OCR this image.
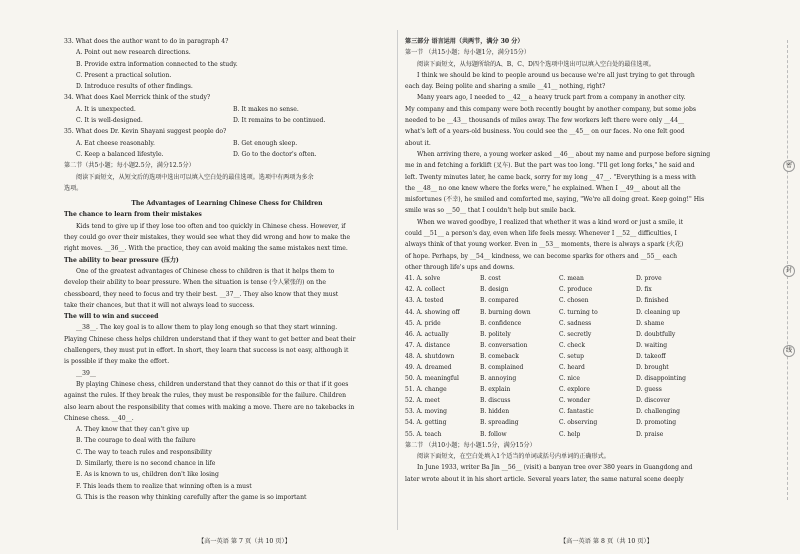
33. What does the author want to do in paragraph 4?
A. Point out new research directions.
B. Provide extra information connected to the study.
C. Present a practical solution.
D. Introduce results of other findings.
34. What does Kael Merrick think of the study?
A. It is unexpected.	B. It makes no sense.
C. It is well-designed.	D. It remains to be continued.
35. What does Dr. Kevin Shayani suggest people do?
A. Eat cheese reasonably.	B. Get enough sleep.
C. Keep a balanced lifestyle.	D. Go to the doctor's often.
第二节（共5小题；每小题2.5分，满分12.5分）
阅读下面短文，从短文后的选项中选出可以填入空白处的最佳选项。选项中有两项为多余
选项。
The Advantages of Learning Chinese Chess for Children
The chance to learn from their mistakes
Kids tend to give up if they lose too often and too quickly in Chinese chess. However, if
they could go over their mistakes, they would see what they did wrong and how to make the
right moves. __36__. With the practice, they can avoid making the same mistakes next time.
The ability to bear pressure (压力)
One of the greatest advantages of Chinese chess to children is that it helps them to
develop their ability to bear pressure. When the situation is tense (令人紧张的) on the
chessboard, they need to focus and try their best. __37__. They also know that they must
take their chances, but that it will not always lead to success.
The will to win and succeed
__38__. The key goal is to allow them to play long enough so that they start winning.
Playing Chinese chess helps children understand that if they want to get better and beat their
challengers, they must put in effort. In short, they learn that success is not easy, although it
is possible if they make the effort.
__39__
By playing Chinese chess, children understand that they cannot do this or that if it goes
against the rules. If they break the rules, they must be responsible for the failure. Children
also learn about the responsibility that comes with making a move. There are no takebacks in
Chinese chess. __40__.
A. They know that they can't give up
B. The courage to deal with the failure
C. The way to teach rules and responsibility
D. Similarly, there is no second chance in life
E. As is known to us, children don't like losing
F. This leads them to realize that winning often is a must
G. This is the reason why thinking carefully after the game is so important
第三部分 语言运用（共两节，满分 30 分）
第一节 （共15小题；每小题1分，满分15分）
阅读下面短文，从每题所给的A、B、C、D四个选项中选出可以填入空白处的最佳选项。
I think we should be kind to people around us because we're all just trying to get through
each day. Being polite and sharing a smile __41__ nothing, right?
Many years ago, I needed to __42__ a heavy truck part from a company in another city.
My company and this company were both recently bought by another company, but some jobs
needed to be __43__ thousands of miles away. The few workers left there were only __44__
what's left of a years-old business. You could see the __45__ on our faces. No one felt good
about it.
When arriving there, a young worker asked __46__ about my name and purpose before signing
me in and fetching a forklift (叉车). But the part was too long. "I'll get long forks," he said and
left. Twenty minutes later, he came back, sorry for my long __47__. "Everything is a mess with
the __48__ no one knew where the forks were," he explained. When I __49__ about all the
misfortunes (不幸), he smiled and comforted me, saying, "We're all doing great. Keep going!" His
smile was so __50__ that I couldn't help but smile back.
When we waved goodbye, I realized that whether it was a kind word or just a smile, it
could __51__ a person's day, even when life feels messy. Whenever I __52__ difficulties, I
always think of that young worker. Even in __53__ moments, there is always a spark (火花)
of hope. Perhaps, by __54__ kindness, we can become sparks for others and __55__ each
other through life's ups and downs.
41. A. solve	B. cost	C. mean	D. prove
42. A. collect	B. design	C. produce	D. fix
43. A. tested	B. compared	C. chosen	D. finished
44. A. showing off	B. burning down	C. turning to	D. cleaning up
45. A. pride	B. confidence	C. sadness	D. shame
46. A. actually	B. politely	C. secretly	D. doubtfully
47. A. distance	B. conversation	C. check	D. waiting
48. A. shutdown	B. comeback	C. setup	D. takeoff
49. A. dreamed	B. complained	C. heard	D. brought
50. A. meaningful	B. annoying	C. nice	D. disappointing
51. A. change	B. explain	C. explore	D. guess
52. A. meet	B. discuss	C. wonder	D. discover
53. A. moving	B. hidden	C. fantastic	D. challenging
54. A. getting	B. spreading	C. observing	D. promoting
55. A. teach	B. follow	C. help	D. praise
第二节 （共10小题；每小题1.5分，满分15分）
阅读下面短文，在空白处填入1个适当的单词或括号内单词的正确形式。
In June 1933, writer Ba Jin __56__ (visit) a banyan tree over 380 years in Guangdong and
later wrote about it in his short article. Several years later, the same natural scene deeply
【高一英语 第 7 页（共 10 页）】	【高一英语 第 8 页（共 10 页）】
密
封
线
